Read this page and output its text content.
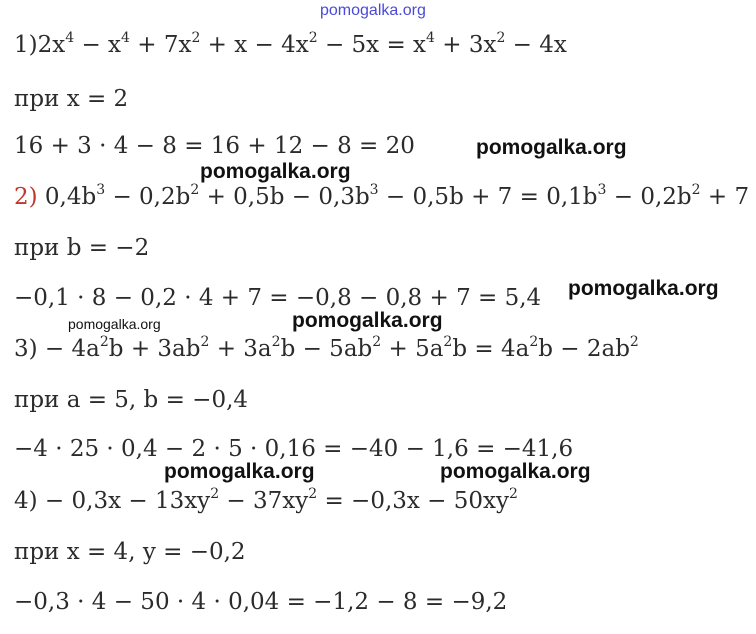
pomogalka.org
pomogalka.org
pomogalka.org
pomogalka.org
pomogalka.org	pomogalka.org
pomogalka.org	pomogalka.org
$1)2x^4 - x^4 + 7x^2 + x - 4x^2 - 5x = x^4 + 3x^2 - 4x$
при x = 2
16 + 3 · 4 − 8 = 16 + 12 − 8 = 20
2) $0,4b^3 - 0,2b^2 + 0,5b - 0,3b^3 - 0,5b + 7 = 0,1b^3 - 0,2b^2 + 7$
при b = −2
−0,1 · 8 − 0,2 · 4 + 7 = −0,8 − 0,8 + 7 = 5,4
$3) - 4a^2b + 3ab^2 + 3a^2b - 5ab^2 + 5a^2b = 4a^2b - 2ab^2$
при a = 5, b = −0,4
−4 · 25 · 0,4 − 2 · 5 · 0,16 = −40 − 1,6 = −41,6
$4) - 0,3x - 13xy^2 - 37xy^2 = -0,3x - 50xy^2$
при x = 4, y = −0,2
−0,3 · 4 − 50 · 4 · 0,04 = −1,2 − 8 = −9,2
